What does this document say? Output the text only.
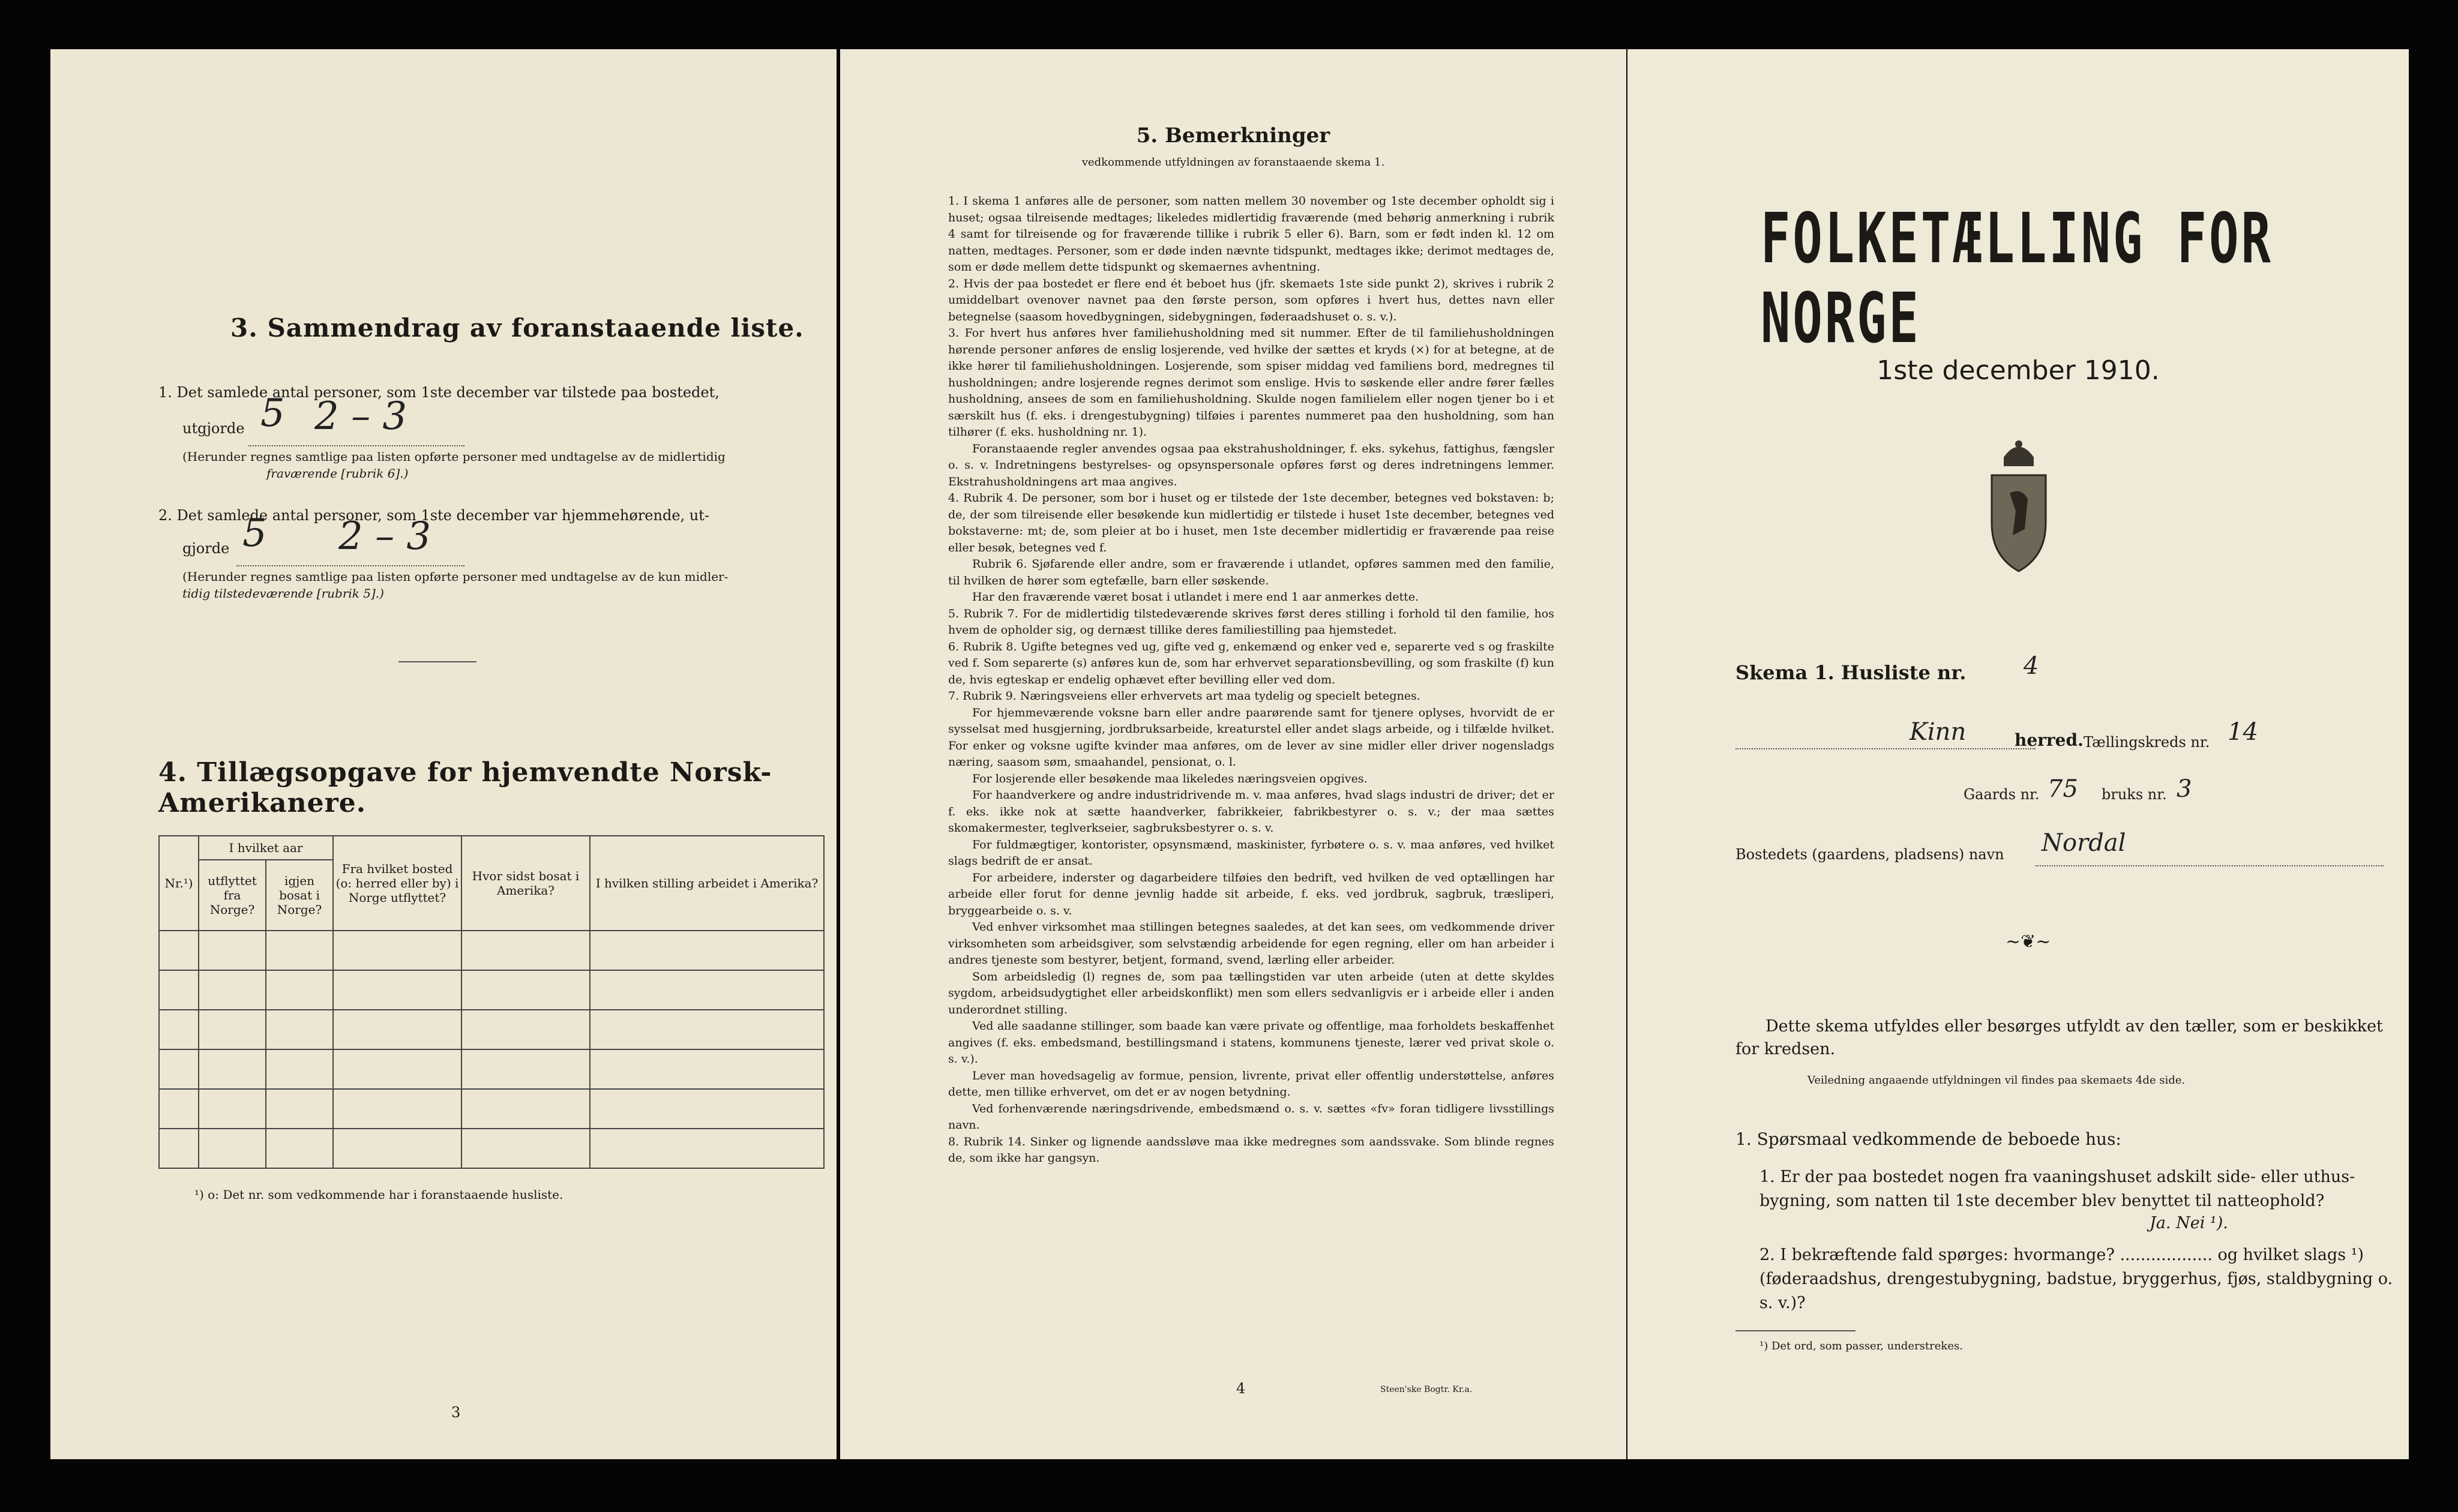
3. Sammendrag av foranstaaende liste.
1. Det samlede antal personer, som 1ste december var tilstede paa bostedet,
utgjorde 5 2 – 3
(Herunder regnes samtlige paa listen opførte personer med undtagelse av de midlertidig
fraværende [rubrik 6].)
2. Det samlede antal personer, som 1ste december var hjemmehørende, ut-
gjorde 5 2 – 3
(Herunder regnes samtlige paa listen opførte personer med undtagelse av de kun midler-
tidig tilstedeværende [rubrik 5].)
4. Tillægsopgave for hjemvendte Norsk-Amerikanere.
Nr.¹)	I hvilket aar		Fra hvilket bosted (o: herred eller by) i Norge utflyttet?	Hvor sidst bosat i Amerika?	I hvilken stilling arbeidet i Amerika?
	utflyttet fra Norge?	igjen bosat i Norge?			

¹) o: Det nr. som vedkommende har i foranstaaende husliste.
3
5. Bemerkninger
vedkommende utfyldningen av foranstaaende skema 1.

1. I skema 1 anføres alle de personer, som natten mellem 30 november og 1ste december opholdt sig i huset; ogsaa tilreisende medtages; likeledes midlertidig fraværende (med behørig anmerkning i rubrik 4 samt for tilreisende og for fraværende tillike i rubrik 5 eller 6). Barn, som er født inden kl. 12 om natten, medtages. Personer, som er døde inden nævnte tidspunkt, medtages ikke; derimot medtages de, som er døde mellem dette tidspunkt og skemaernes avhentning.

2. Hvis der paa bostedet er flere end ét beboet hus (jfr. skemaets 1ste side punkt 2), skrives i rubrik 2 umiddelbart ovenover navnet paa den første person, som opføres i hvert hus, dettes navn eller betegnelse (saasom hovedbygningen, sidebygningen, føderaadshuset o. s. v.).

3. For hvert hus anføres hver familiehusholdning med sit nummer. Efter de til familiehusholdningen hørende personer anføres de enslig losjerende, ved hvilke der sættes et kryds (×) for at betegne, at de ikke hører til familiehusholdningen. Losjerende, som spiser middag ved familiens bord, medregnes til husholdningen; andre losjerende regnes derimot som enslige. Hvis to søskende eller andre fører fælles husholdning, ansees de som en familiehusholdning. Skulde nogen familielem eller nogen tjener bo i et særskilt hus (f. eks. i drengestubygning) tilføies i parentes nummeret paa den husholdning, som han tilhører (f. eks. husholdning nr. 1).

Foranstaaende regler anvendes ogsaa paa ekstrahusholdninger, f. eks. sykehus, fattighus, fængsler o. s. v. Indretningens bestyrelses- og opsynspersonale opføres først og deres indretningens lemmer. Ekstrahusholdningens art maa angives.

4. Rubrik 4. De personer, som bor i huset og er tilstede der 1ste december, betegnes ved bokstaven: b; de, der som tilreisende eller besøkende kun midlertidig er tilstede i huset 1ste december, betegnes ved bokstaverne: mt; de, som pleier at bo i huset, men 1ste december midlertidig er fraværende paa reise eller besøk, betegnes ved f.

Rubrik 6. Sjøfarende eller andre, som er fraværende i utlandet, opføres sammen med den familie, til hvilken de hører som egtefælle, barn eller søskende.

Har den fraværende været bosat i utlandet i mere end 1 aar anmerkes dette.

5. Rubrik 7. For de midlertidig tilstedeværende skrives først deres stilling i forhold til den familie, hos hvem de opholder sig, og dernæst tillike deres familiestilling paa hjemstedet.

6. Rubrik 8. Ugifte betegnes ved ug, gifte ved g, enkemænd og enker ved e, separerte ved s og fraskilte ved f. Som separerte (s) anføres kun de, som har erhvervet separationsbevilling, og som fraskilte (f) kun de, hvis egteskap er endelig ophævet efter bevilling eller ved dom.

7. Rubrik 9. Næringsveiens eller erhvervets art maa tydelig og specielt betegnes.

For hjemmeværende voksne barn eller andre paarørende samt for tjenere oplyses, hvorvidt de er sysselsat med husgjerning, jordbruksarbeide, kreaturstel eller andet slags arbeide, og i tilfælde hvilket. For enker og voksne ugifte kvinder maa anføres, om de lever av sine midler eller driver nogensladgs næring, saasom søm, smaahandel, pensionat, o. l.

For losjerende eller besøkende maa likeledes næringsveien opgives.

For haandverkere og andre industridrivende m. v. maa anføres, hvad slags industri de driver; det er f. eks. ikke nok at sætte haandverker, fabrikkeier, fabrikbestyrer o. s. v.; der maa sættes skomakermester, teglverkseier, sagbruksbestyrer o. s. v.

For fuldmægtiger, kontorister, opsynsmænd, maskinister, fyrbøtere o. s. v. maa anføres, ved hvilket slags bedrift de er ansat.

For arbeidere, inderster og dagarbeidere tilføies den bedrift, ved hvilken de ved optællingen har arbeide eller forut for denne jevnlig hadde sit arbeide, f. eks. ved jordbruk, sagbruk, træsliperi, bryggearbeide o. s. v.

Ved enhver virksomhet maa stillingen betegnes saaledes, at det kan sees, om vedkommende driver virksomheten som arbeidsgiver, som selvstændig arbeidende for egen regning, eller om han arbeider i andres tjeneste som bestyrer, betjent, formand, svend, lærling eller arbeider.

Som arbeidsledig (l) regnes de, som paa tællingstiden var uten arbeide (uten at dette skyldes sygdom, arbeidsudygtighet eller arbeidskonflikt) men som ellers sedvanligvis er i arbeide eller i anden underordnet stilling.

Ved alle saadanne stillinger, som baade kan være private og offentlige, maa forholdets beskaffenhet angives (f. eks. embedsmand, bestillingsmand i statens, kommunens tjeneste, lærer ved privat skole o. s. v.).

Lever man hovedsagelig av formue, pension, livrente, privat eller offentlig understøttelse, anføres dette, men tillike erhvervet, om det er av nogen betydning.

Ved forhenværende næringsdrivende, embedsmænd o. s. v. sættes «fv» foran tidligere livsstillings navn.

8. Rubrik 14. Sinker og lignende aandssløve maa ikke medregnes som aandssvake. Som blinde regnes de, som ikke har gangsyn.

4	Steen'ske Bogtr. Kr.a.
FOLKETÆLLING FOR NORGE
1ste december 1910.
Skema 1. Husliste nr. 4
Kinn	herred. Tællingskreds nr. 14
Gaards nr. 75 bruks nr. 3
Bostedets (gaardens, pladsens) navn Nordal
~❦~
Dette skema utfyldes eller besørges utfyldt av den tæller, som er beskikket for kredsen.
Veiledning angaaende utfyldningen vil findes paa skemaets 4de side.
1. Spørsmaal vedkommende de beboede hus:
1. Er der paa bostedet nogen fra vaaningshuset adskilt side- eller uthus-bygning, som natten til 1ste december blev benyttet til natteophold?
Ja. Nei ¹).
2. I bekræftende fald spørges: hvormange? .................. og hvilket slags ¹) (føderaadshus, drengestubygning, badstue, bryggerhus, fjøs, staldbygning o. s. v.)?
¹) Det ord, som passer, understrekes.
